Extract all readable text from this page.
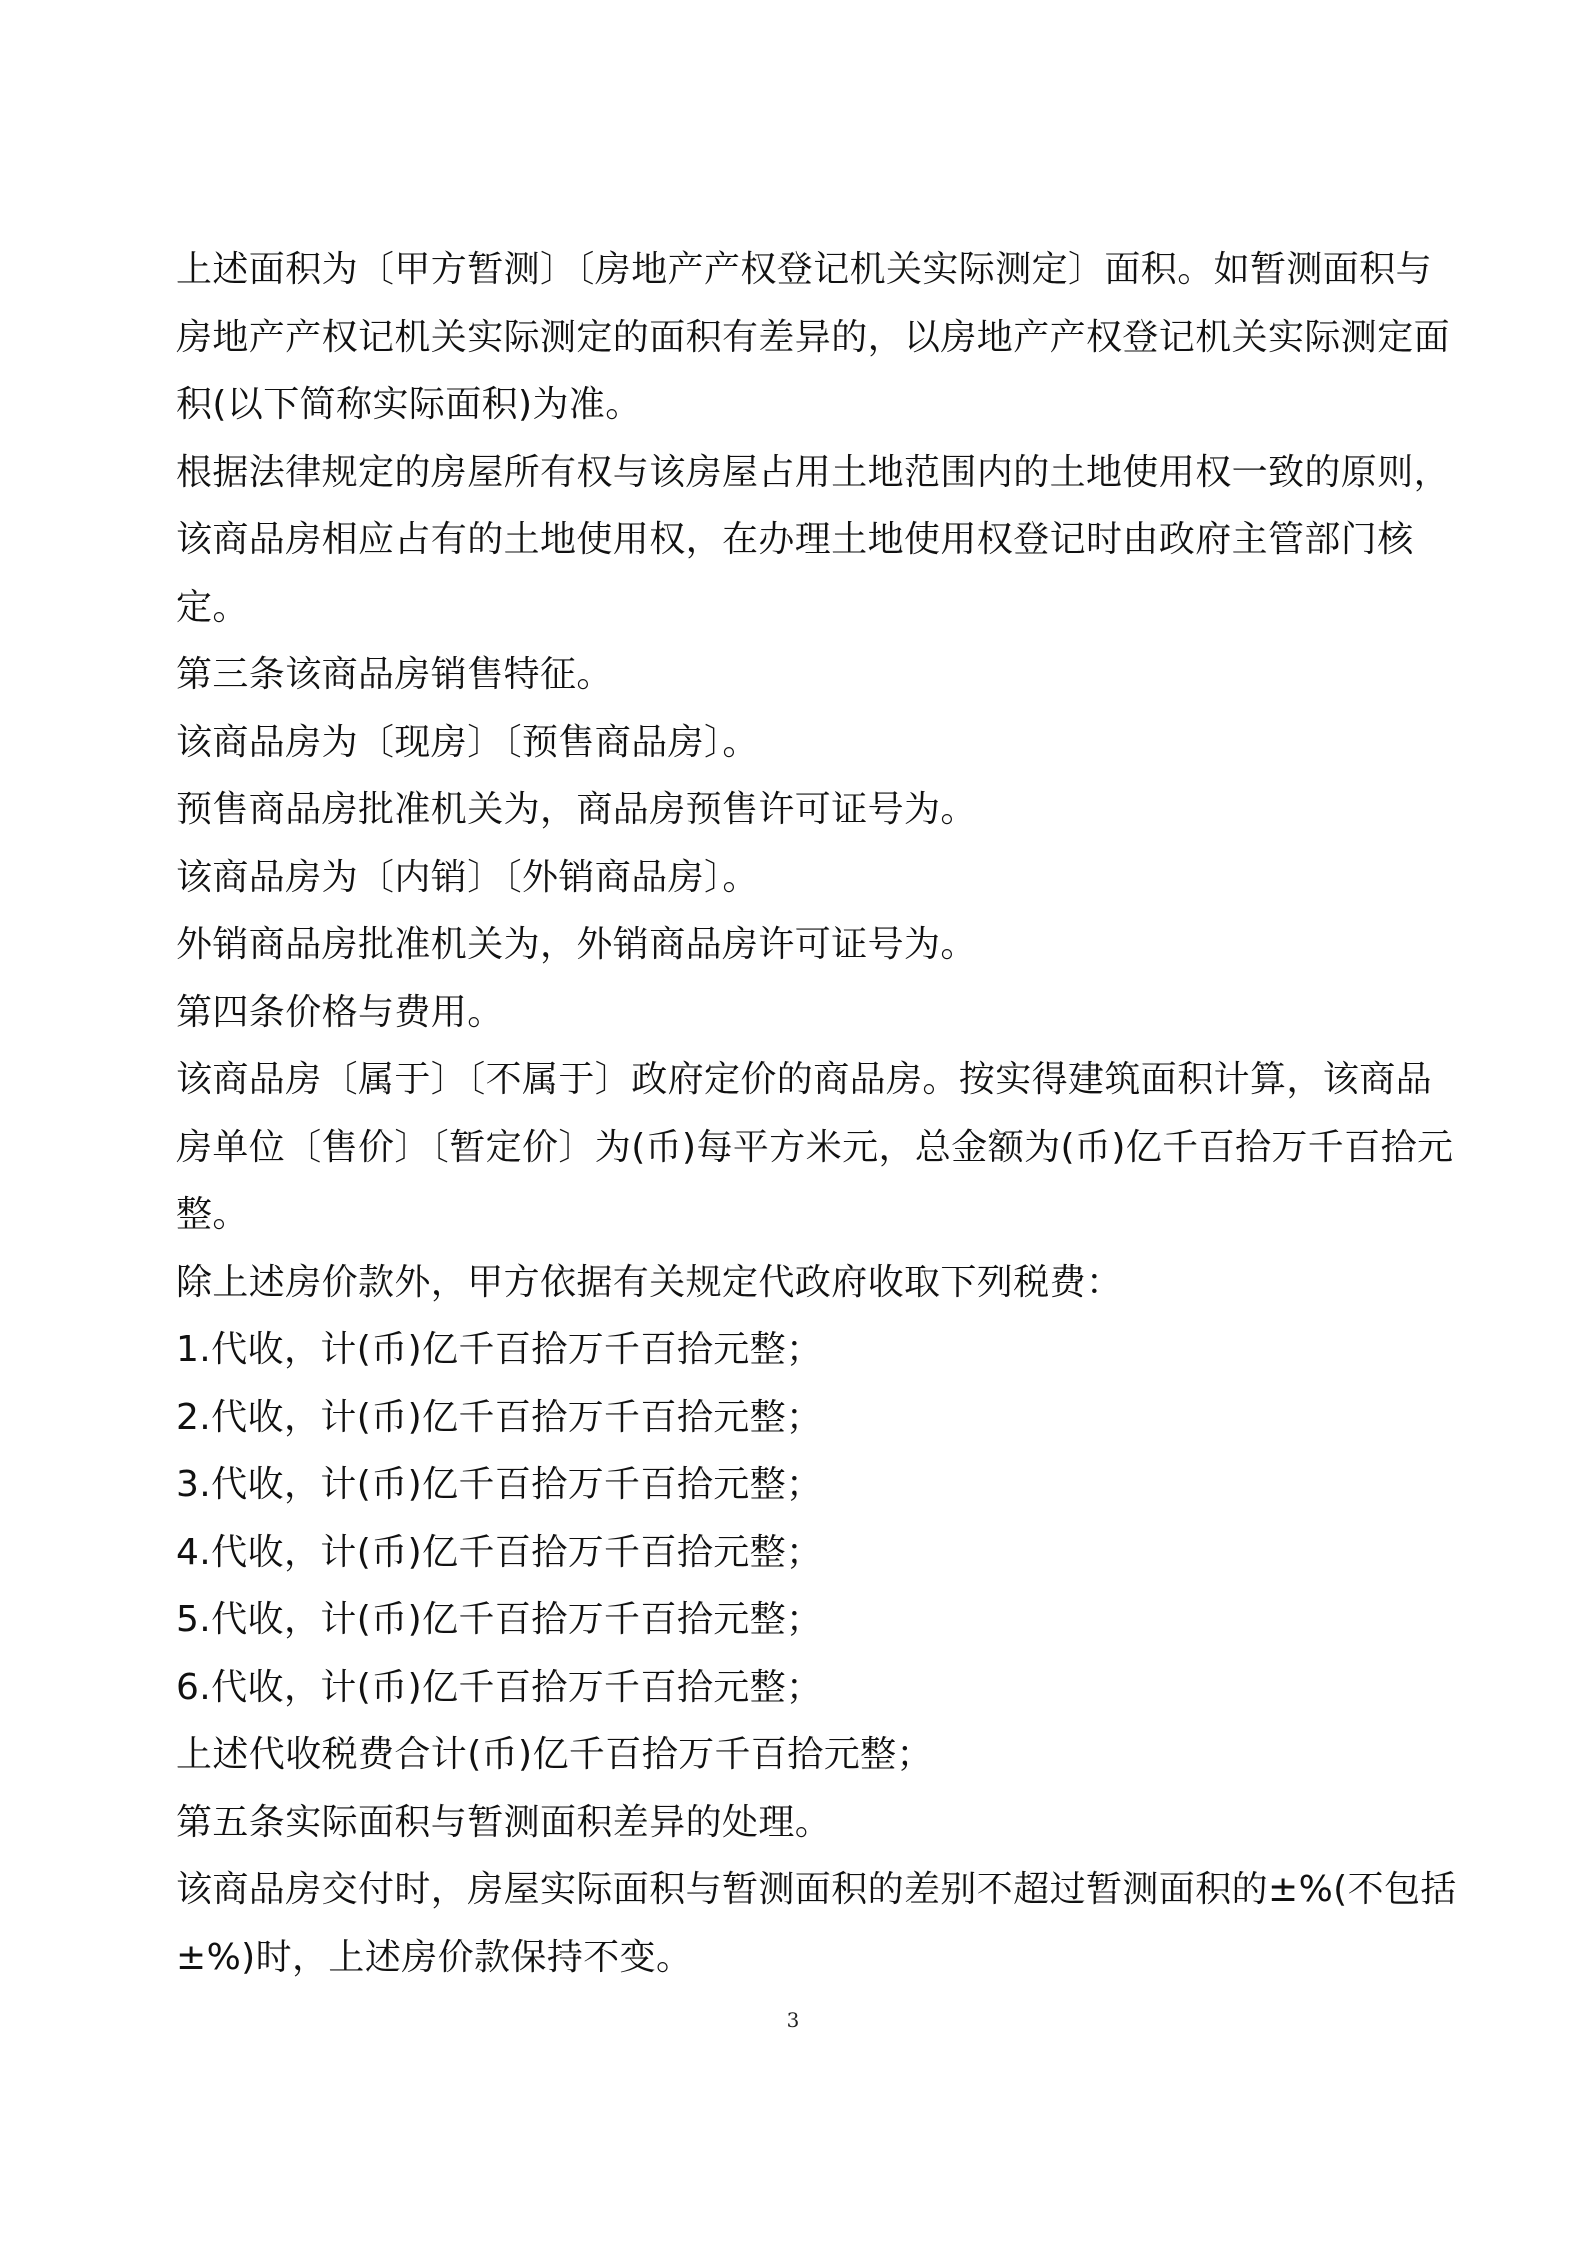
上述面积为〔甲方暂测〕〔房地产产权登记机关实际测定〕面积。如暂测面积与房地产产权记机关实际测定的面积有差异的，以房地产产权登记机关实际测定面积(以下简称实际面积)为准。

根据法律规定的房屋所有权与该房屋占用土地范围内的土地使用权一致的原则，该商品房相应占有的土地使用权，在办理土地使用权登记时由政府主管部门核定。

第三条该商品房销售特征。

该商品房为〔现房〕〔预售商品房〕。

预售商品房批准机关为，商品房预售许可证号为。

该商品房为〔内销〕〔外销商品房〕。

外销商品房批准机关为，外销商品房许可证号为。

第四条价格与费用。

该商品房〔属于〕〔不属于〕政府定价的商品房。按实得建筑面积计算，该商品房单位〔售价〕〔暂定价〕为(币)每平方米元，总金额为(币)亿千百拾万千百拾元整。

除上述房价款外，甲方依据有关规定代政府收取下列税费：

1.代收，计(币)亿千百拾万千百拾元整；

2.代收，计(币)亿千百拾万千百拾元整；

3.代收，计(币)亿千百拾万千百拾元整；

4.代收，计(币)亿千百拾万千百拾元整；

5.代收，计(币)亿千百拾万千百拾元整；

6.代收，计(币)亿千百拾万千百拾元整；

上述代收税费合计(币)亿千百拾万千百拾元整；

第五条实际面积与暂测面积差异的处理。

该商品房交付时，房屋实际面积与暂测面积的差别不超过暂测面积的±%(不包括±%)时，上述房价款保持不变。

3
